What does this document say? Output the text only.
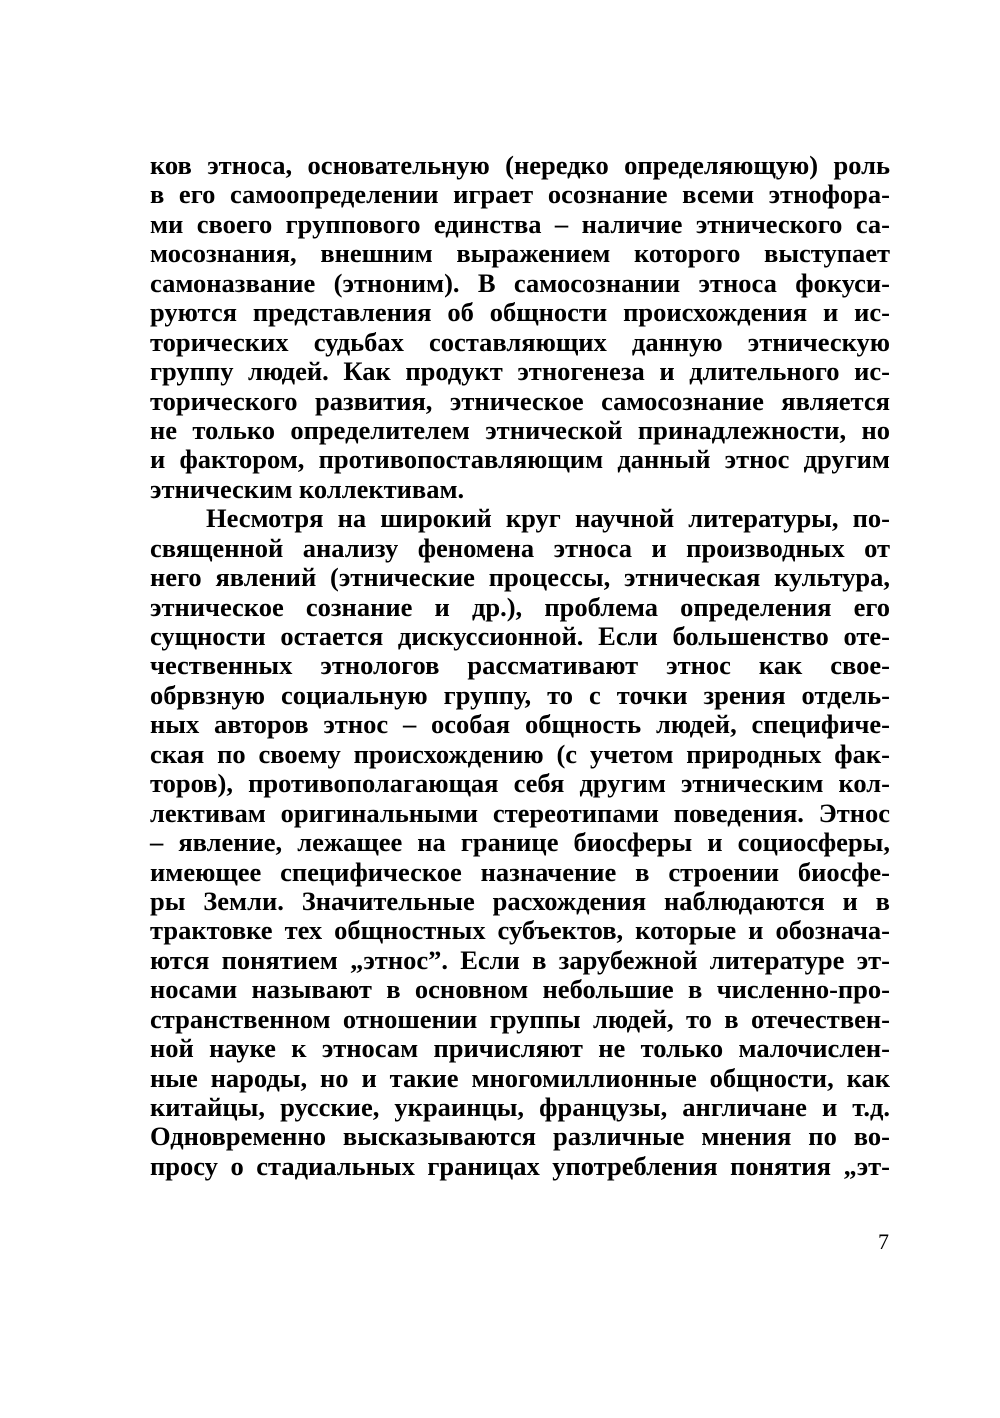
ков этноса, основательную (нередко определяющую) роль
в его самоопределении играет осознание всеми этнофора-
ми своего группового единства – наличие этнического са-
мосознания, внешним выражением которого выступает
самоназвание (этноним). В самосознании этноса фокуси-
руются представления об общности происхождения и ис-
торических судьбах составляющих данную этническую
группу людей. Как продукт этногенеза и длительного ис-
торического развития, этническое самосознание является
не только определителем этнической принадлежности, но
и фактором, противопоставляющим данный этнос другим
этническим коллективам.
Несмотря на широкий круг научной литературы, по-
священной анализу феномена этноса и производных от
него явлений (этнические процессы, этническая культура,
этническое сознание и др.), проблема определения его
сущности остается дискуссионной. Если большенство оте-
чественных этнологов рассмативают этнос как свое-
обрвзную социальную группу, то с точки зрения отдель-
ных авторов этнос – особая общность людей, специфиче-
ская по своему происхождению (с учетом природных фак-
торов), противополагающая себя другим этническим кол-
лективам оригинальными стереотипами поведения. Этнос
– явление, лежащее на границе биосферы и социосферы,
имеющее специфическое назначение в строении биосфе-
ры Земли. Значительные расхождения наблюдаются и в
трактовке тех общностных субъектов, которые и обознача-
ются понятием „этнос”. Если в зарубежной литературе эт-
носами называют в основном небольшие в численно-про-
странственном отношении группы людей, то в отечествен-
ной науке к этносам причисляют не только малочислен-
ные народы, но и такие многомиллионные общности, как
китайцы, русские, украинцы, французы, англичане и т.д.
Одновременно высказываются различные мнения по во-
просу о стадиальных границах употребления понятия „эт-
7
